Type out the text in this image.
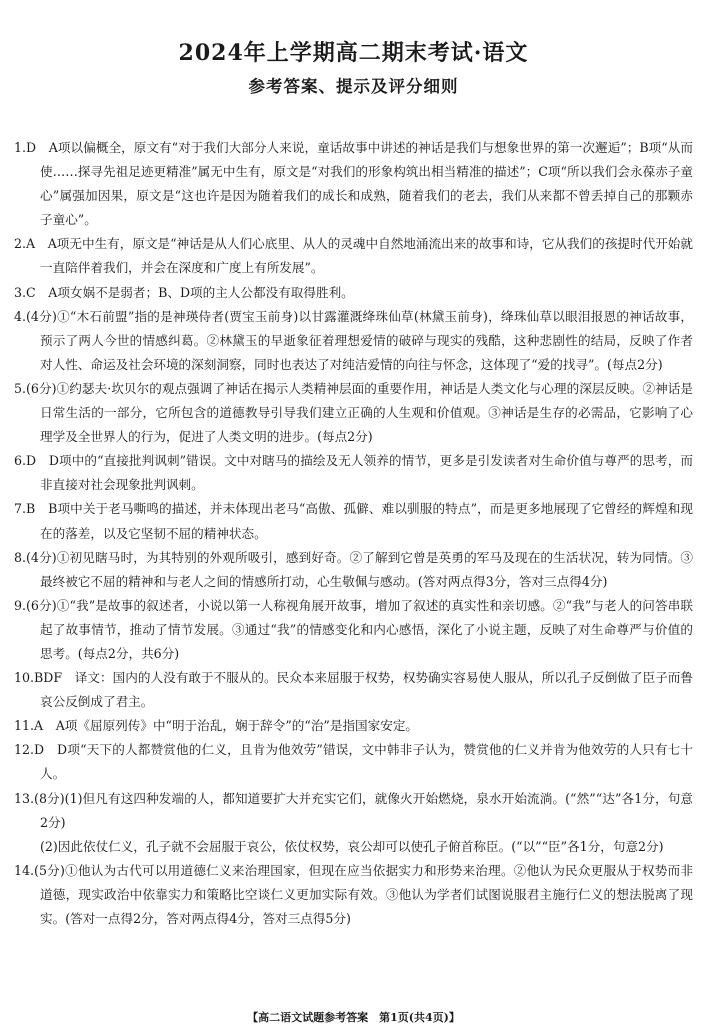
2024年上学期高二期末考试·语文
参考答案、提示及评分细则

1.D　A项以偏概全，原文有“对于我们大部分人来说，童话故事中讲述的神话是我们与想象世界的第一次邂逅”；B项“从而使……探寻先祖足迹更精准”属无中生有，原文是“对我们的形象构筑出相当精准的描述”；C项“所以我们会永葆赤子童心”属强加因果，原文是“这也许是因为随着我们的成长和成熟，随着我们的老去，我们从来都不曾丢掉自己的那颗赤子童心”。

2.A　A项无中生有，原文是“神话是从人们心底里、从人的灵魂中自然地涌流出来的故事和诗，它从我们的孩提时代开始就一直陪伴着我们，并会在深度和广度上有所发展”。

3.C　A项女娲不是弱者；B、D项的主人公都没有取得胜利。

4.(4分)①“木石前盟”指的是神瑛侍者(贾宝玉前身)以甘露灌溉绛珠仙草(林黛玉前身)，绛珠仙草以眼泪报恩的神话故事，预示了两人今世的情感纠葛。②林黛玉的早逝象征着理想爱情的破碎与现实的残酷，这种悲剧性的结局，反映了作者对人性、命运及社会环境的深刻洞察，同时也表达了对纯洁爱情的向往与怀念，这体现了“爱的找寻”。(每点2分)

5.(6分)①约瑟夫·坎贝尔的观点强调了神话在揭示人类精神层面的重要作用，神话是人类文化与心理的深层反映。②神话是日常生活的一部分，它所包含的道德教导引导我们建立正确的人生观和价值观。③神话是生存的必需品，它影响了心理学及全世界人的行为，促进了人类文明的进步。(每点2分)

6.D　D项中的“直接批判讽刺”错误。文中对瞎马的描绘及无人领养的情节，更多是引发读者对生命价值与尊严的思考，而非直接对社会现象批判讽刺。

7.B　B项中关于老马嘶鸣的描述，并未体现出老马“高傲、孤僻、难以驯服的特点”，而是更多地展现了它曾经的辉煌和现在的落差，以及它坚韧不屈的精神状态。

8.(4分)①初见瞎马时，为其特别的外观所吸引，感到好奇。②了解到它曾是英勇的军马及现在的生活状况，转为同情。③最终被它不屈的精神和与老人之间的情感所打动，心生敬佩与感动。(答对两点得3分，答对三点得4分)

9.(6分)①“我”是故事的叙述者，小说以第一人称视角展开故事，增加了叙述的真实性和亲切感。②“我”与老人的问答串联起了故事情节，推动了情节发展。③通过“我”的情感变化和内心感悟，深化了小说主题，反映了对生命尊严与价值的思考。(每点2分，共6分)

10.BDF　译文：国内的人没有敢于不服从的。民众本来屈服于权势，权势确实容易使人服从，所以孔子反倒做了臣子而鲁哀公反倒成了君主。

11.A　A项《屈原列传》中“明于治乱，娴于辞令”的“治”是指国家安定。

12.D　D项“天下的人都赞赏他的仁义，且肯为他效劳”错误，文中韩非子认为，赞赏他的仁义并肯为他效劳的人只有七十人。

13.(8分)(1)但凡有这四种发端的人，都知道要扩大并充实它们，就像火开始燃烧，泉水开始流淌。(“然”“达”各1分，句意2分)

(2)因此依仗仁义，孔子就不会屈服于哀公，依仗权势，哀公却可以使孔子俯首称臣。(“以”“臣”各1分，句意2分)

14.(5分)①他认为古代可以用道德仁义来治理国家，但现在应当依据实力和形势来治理。②他认为民众更服从于权势而非道德，现实政治中依靠实力和策略比空谈仁义更加实际有效。③他认为学者们试图说服君主施行仁义的想法脱离了现实。(答对一点得2分，答对两点得4分，答对三点得5分)

【高二语文试题参考答案　第1页(共4页)】
